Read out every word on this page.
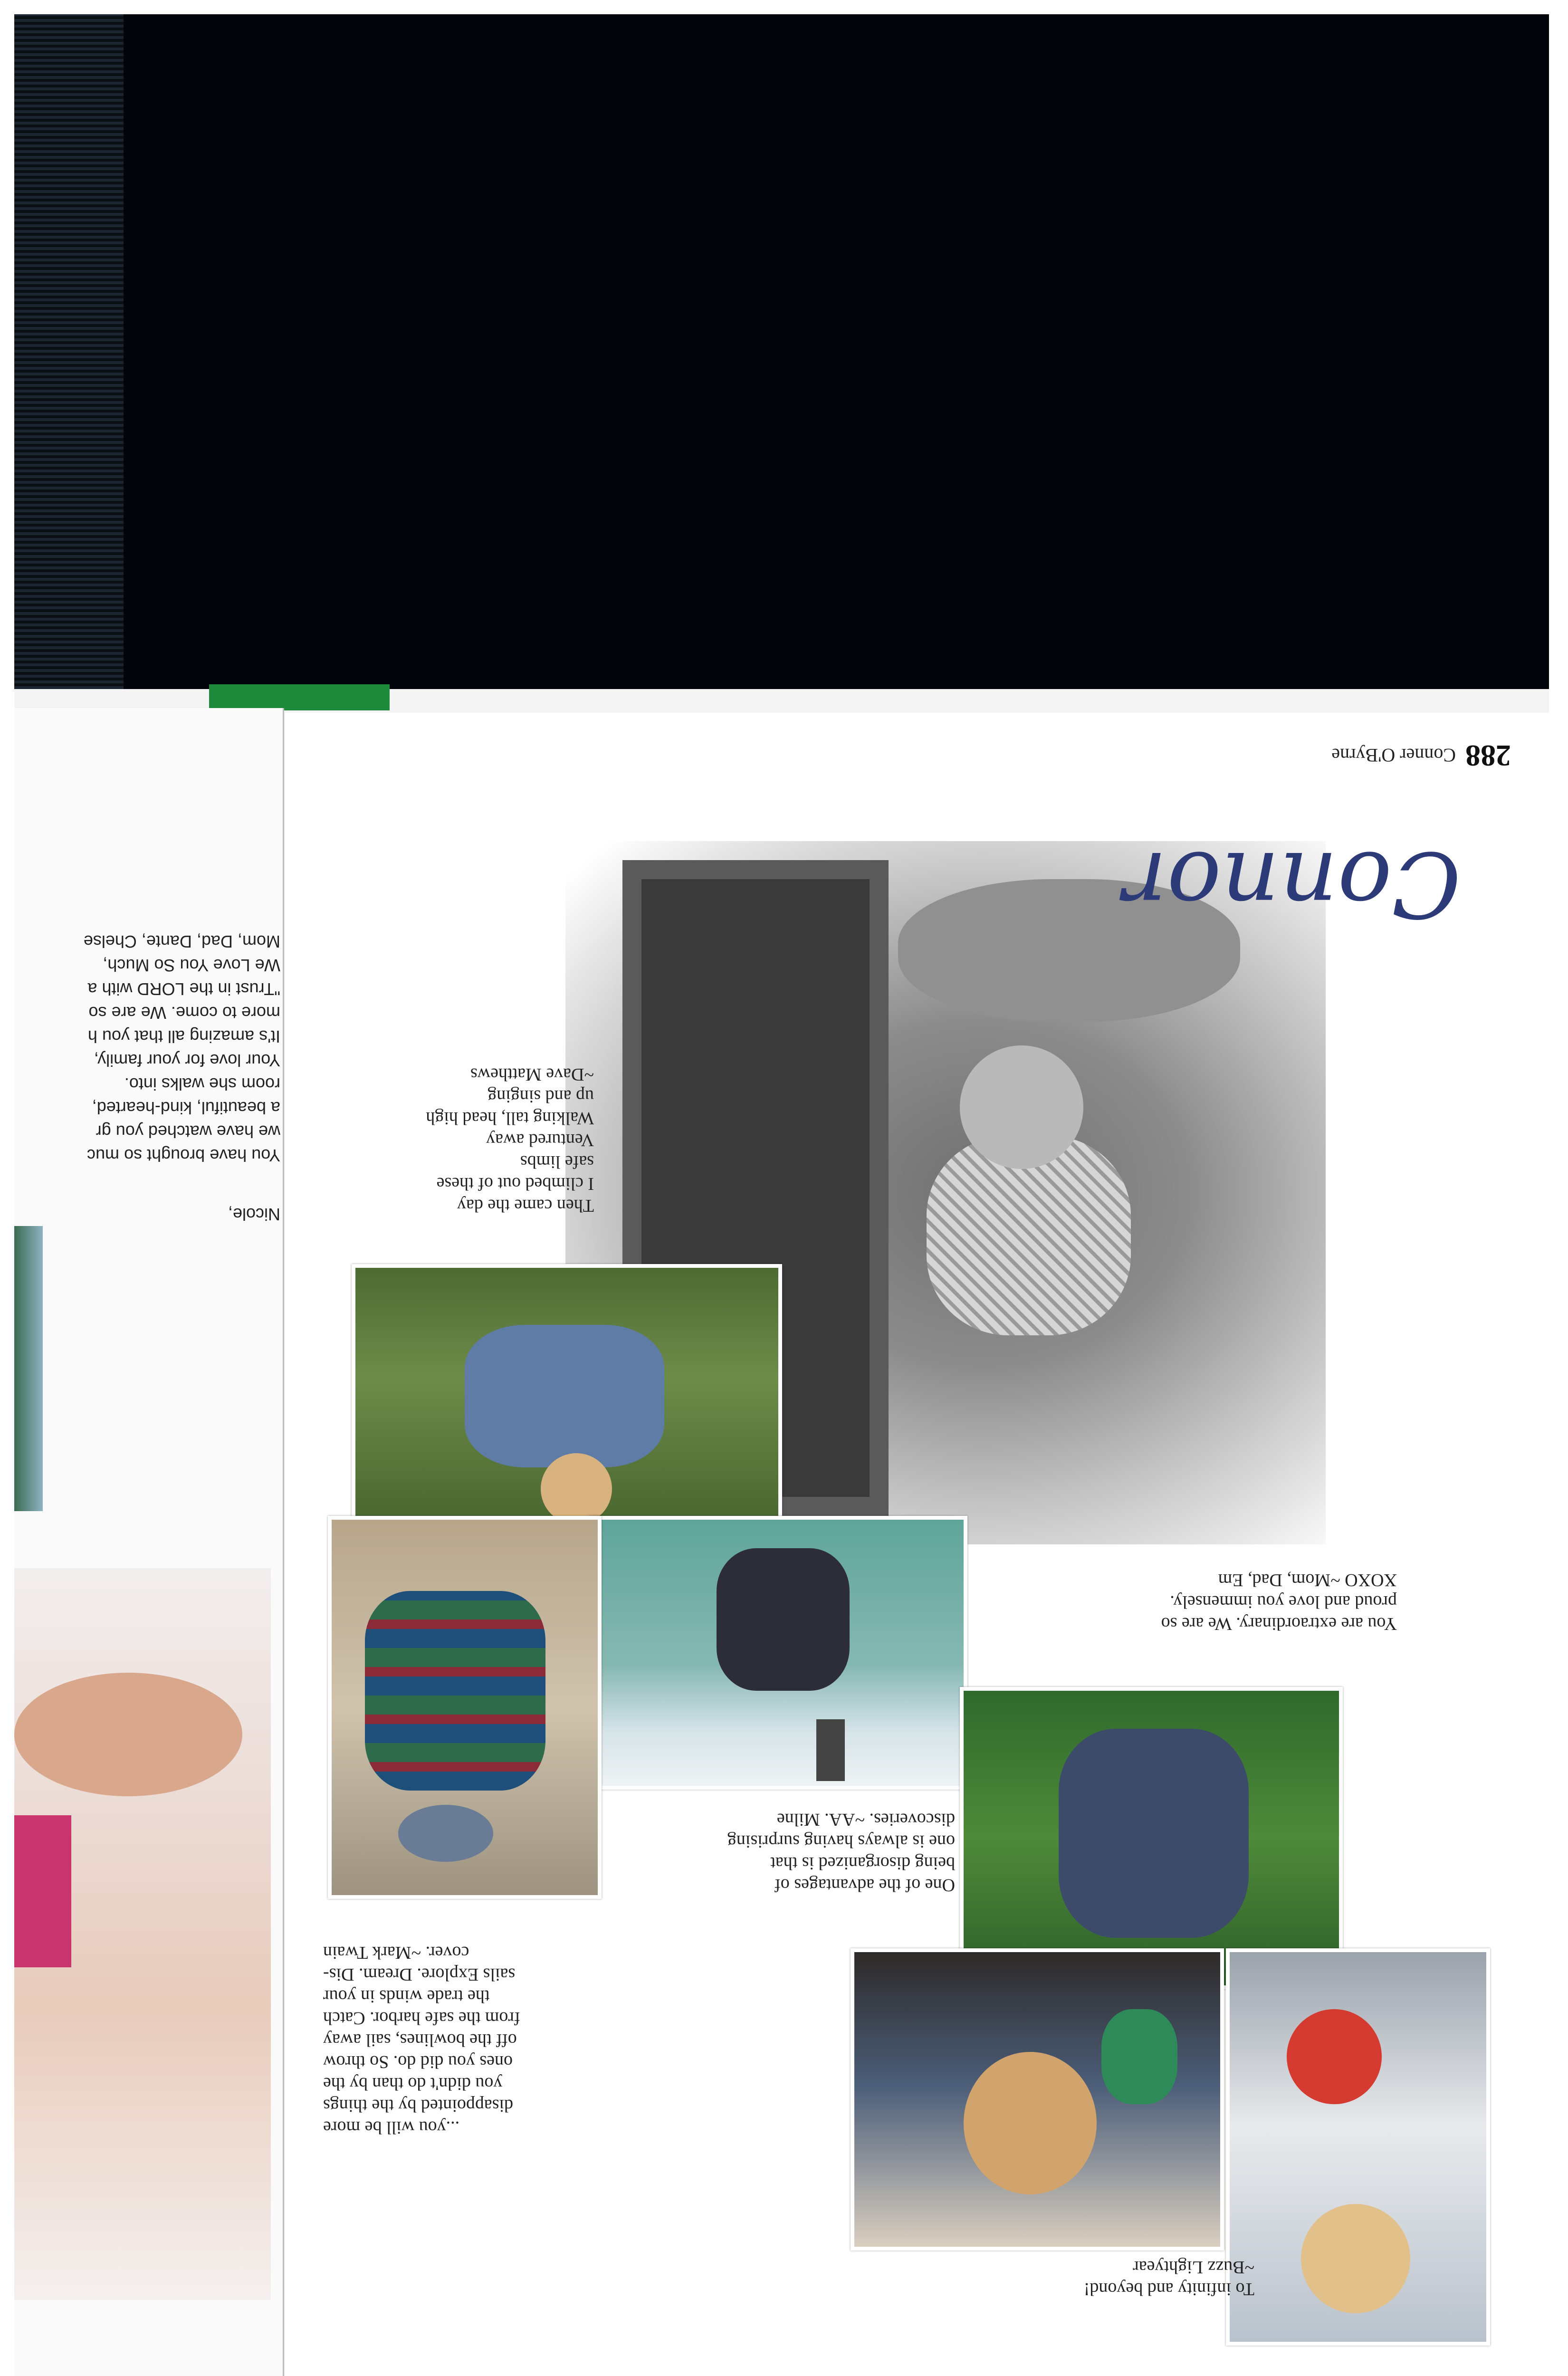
Nicole,

You have brought so muc
we have watched you gr
a beautiful, kind-hearted,
room she walks into.
Your love for your family,
It's amazing all that you h
more to come. We are so
"Trust in the LORD with a
We Love You So Much,
Mom, Dad, Dante, Chelse

288
Conner O'Byrne
Connor
Then came the day
I climbed out of these
safe limbs
Ventured away
Walking tall, head high
up and singing
~Dave Matthews
You are extraordinary. We are so
proud and love you immensely.
XOXO ~Mom, Dad, Em
One of the advantages of
being disorganized is that
one is always having surprising
discoveries. ~AA. Milne
...you will be more
disappointed by the things
you didn't do than by the
ones you did do. So throw
off the bowlines, sail away
from the safe harbor. Catch
the trade winds in your
sails Explore. Dream. Dis-
cover. ~Mark Twain
To infinity and beyond!
~Buzz Lightyear
